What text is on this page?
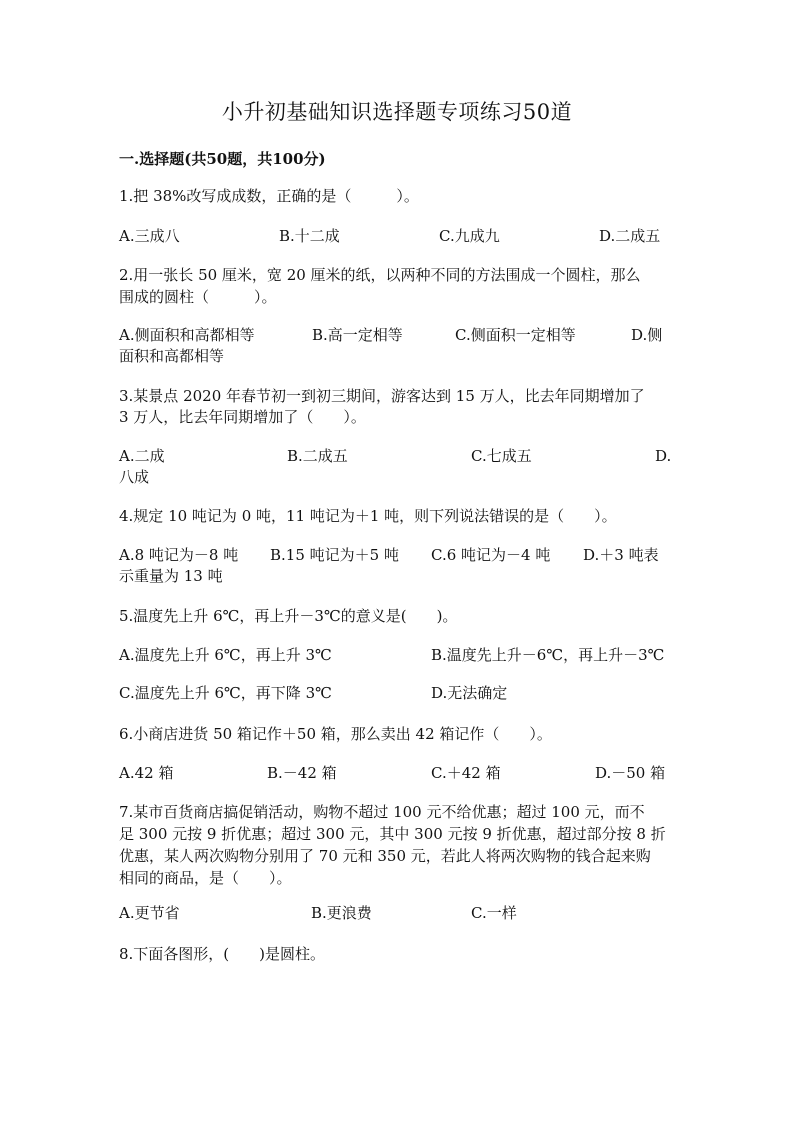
小升初基础知识选择题专项练习50道
一.选择题(共50题，共100分)
1.把 38%改写成成数，正确的是（　　　）。
A.三成八	B.十二成	C.九成九	D.二成五
2.用一张长 50 厘米，宽 20 厘米的纸，以两种不同的方法围成一个圆柱，那么
围成的圆柱（　　　）。
A.侧面积和高都相等	B.高一定相等	C.侧面积一定相等	D.侧
面积和高都相等
3.某景点 2020 年春节初一到初三期间，游客达到 15 万人，比去年同期增加了
3 万人，比去年同期增加了（　　）。
A.二成	B.二成五	C.七成五	D.
八成
4.规定 10 吨记为 0 吨，11 吨记为＋1 吨，则下列说法错误的是（　　）。
A.8 吨记为－8 吨 B.15 吨记为＋5 吨 C.6 吨记为－4 吨 D.＋3 吨表
示重量为 13 吨
5.温度先上升 6℃，再上升－3℃的意义是(　　)。
A.温度先上升 6℃，再上升 3℃	B.温度先上升－6℃，再上升－3℃
C.温度先上升 6℃，再下降 3℃	D.无法确定
6.小商店进货 50 箱记作＋50 箱，那么卖出 42 箱记作（　　）。
A.42 箱	B.－42 箱	C.＋42 箱	D.－50 箱
7.某市百货商店搞促销活动，购物不超过 100 元不给优惠；超过 100 元，而不
足 300 元按 9 折优惠；超过 300 元，其中 300 元按 9 折优惠，超过部分按 8 折
优惠，某人两次购物分别用了 70 元和 350 元，若此人将两次购物的钱合起来购
相同的商品，是（　　）。
A.更节省	B.更浪费	C.一样
8.下面各图形，(　　)是圆柱。
